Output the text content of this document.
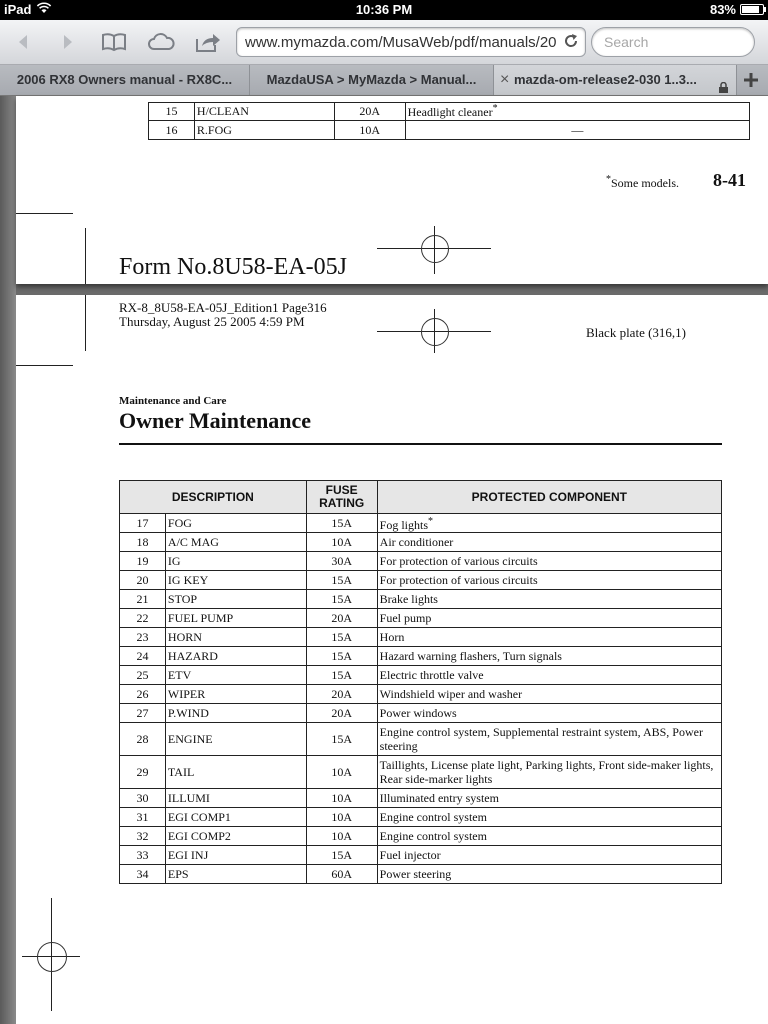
iPad	10:36 PM	83%
www.mymazda.com/MusaWeb/pdf/manuals/20
Search
2006 RX8 Owners manual - RX8C...	MazdaUSA > MyMazda > Manual...	× mazda-om-release2-030 1..3...
15	H/CLEAN	20A	Headlight cleaner*
16	R.FOG	10A	—
*Some models. 8-41
Form No.8U58-EA-05J
RX-8_8U58-EA-05J_Edition1 Page316
Thursday, August 25 2005 4:59 PM
Black plate (316,1)
Maintenance and Care
Owner Maintenance
DESCRIPTION		FUSE RATING	PROTECTED COMPONENT
17	FOG	15A	Fog lights*
18	A/C MAG	10A	Air conditioner
19	IG	30A	For protection of various circuits
20	IG KEY	15A	For protection of various circuits
21	STOP	15A	Brake lights
22	FUEL PUMP	20A	Fuel pump
23	HORN	15A	Horn
24	HAZARD	15A	Hazard warning flashers, Turn signals
25	ETV	15A	Electric throttle valve
26	WIPER	20A	Windshield wiper and washer
27	P.WIND	20A	Power windows
28	ENGINE	15A	Engine control system, Supplemental restraint system, ABS, Power steering
29	TAIL	10A	Taillights, License plate light, Parking lights, Front side-maker lights, Rear side-marker lights
30	ILLUMI	10A	Illuminated entry system
31	EGI COMP1	10A	Engine control system
32	EGI COMP2	10A	Engine control system
33	EGI INJ	15A	Fuel injector
34	EPS	60A	Power steering
